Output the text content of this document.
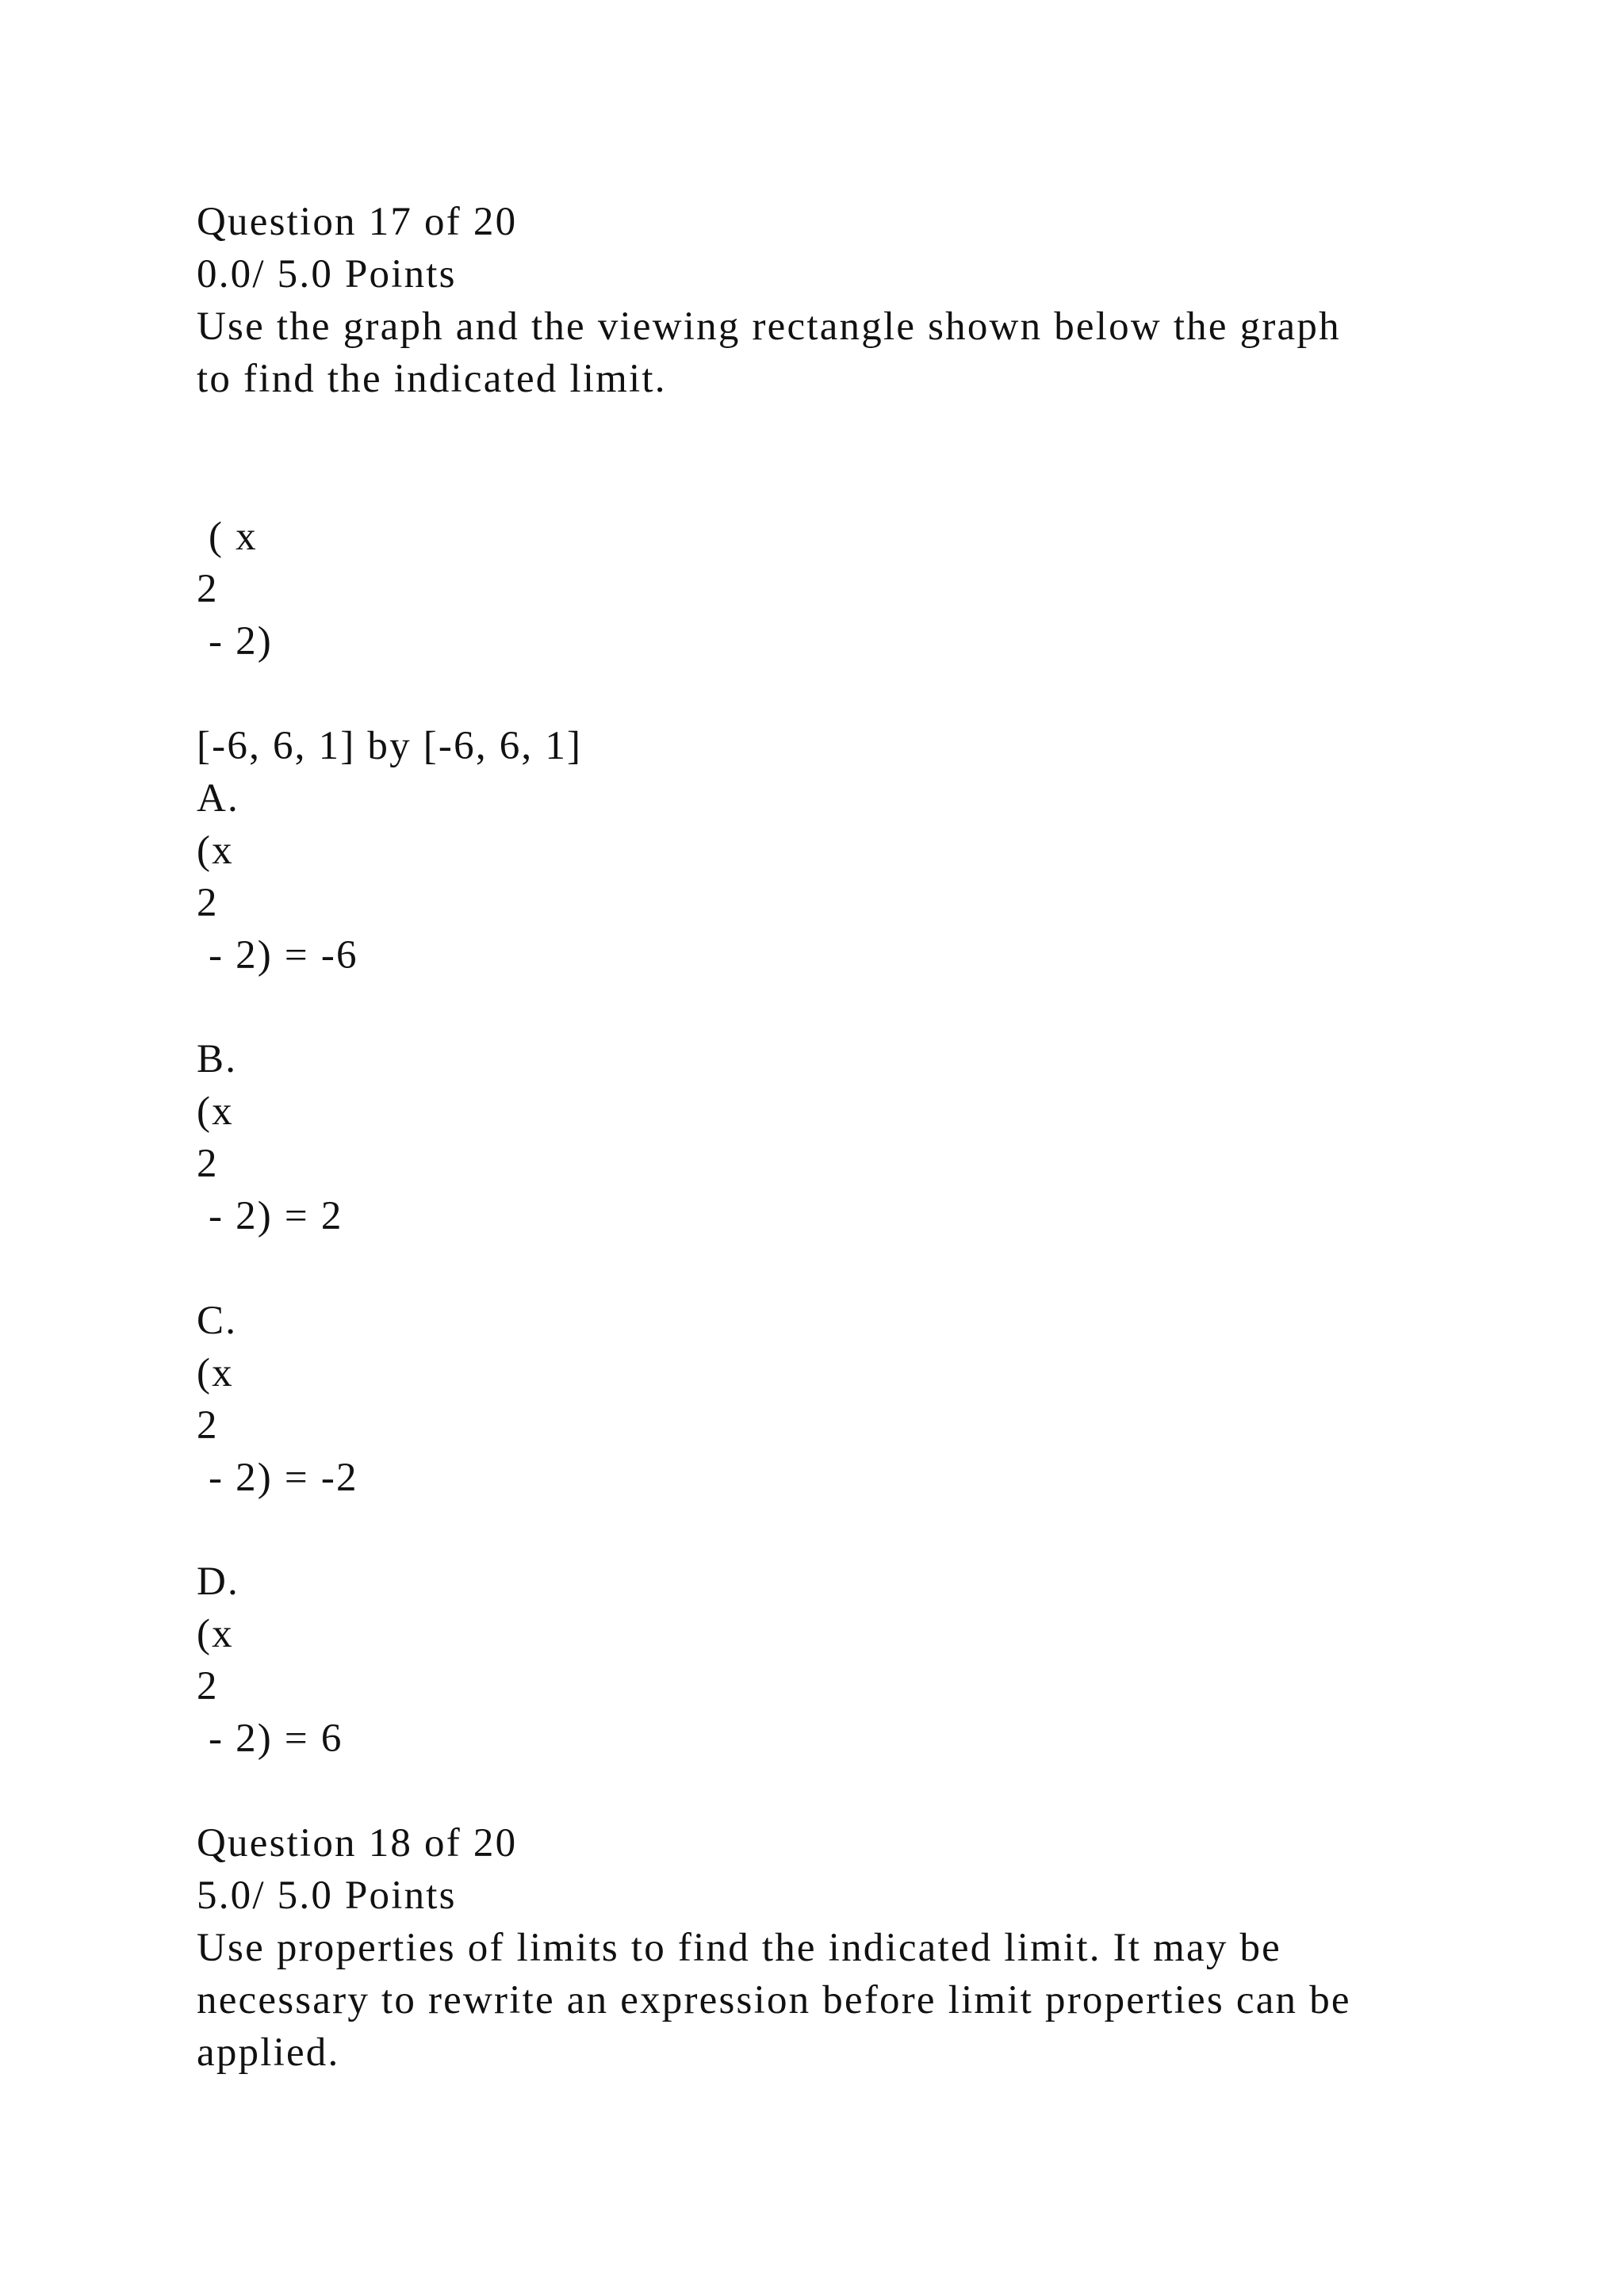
Question 17 of 20
0.0/ 5.0 Points
Use the graph and the viewing rectangle shown below the graph
to find the indicated limit.
( x
2
- 2)
[-6, 6, 1] by [-6, 6, 1]
A.
(x
2
- 2) = -6
B.
(x
2
- 2) = 2
C.
(x
2
- 2) = -2
D.
(x
2
- 2) = 6
Question 18 of 20
5.0/ 5.0 Points
Use properties of limits to find the indicated limit. It may be
necessary to rewrite an expression before limit properties can be
applied.
